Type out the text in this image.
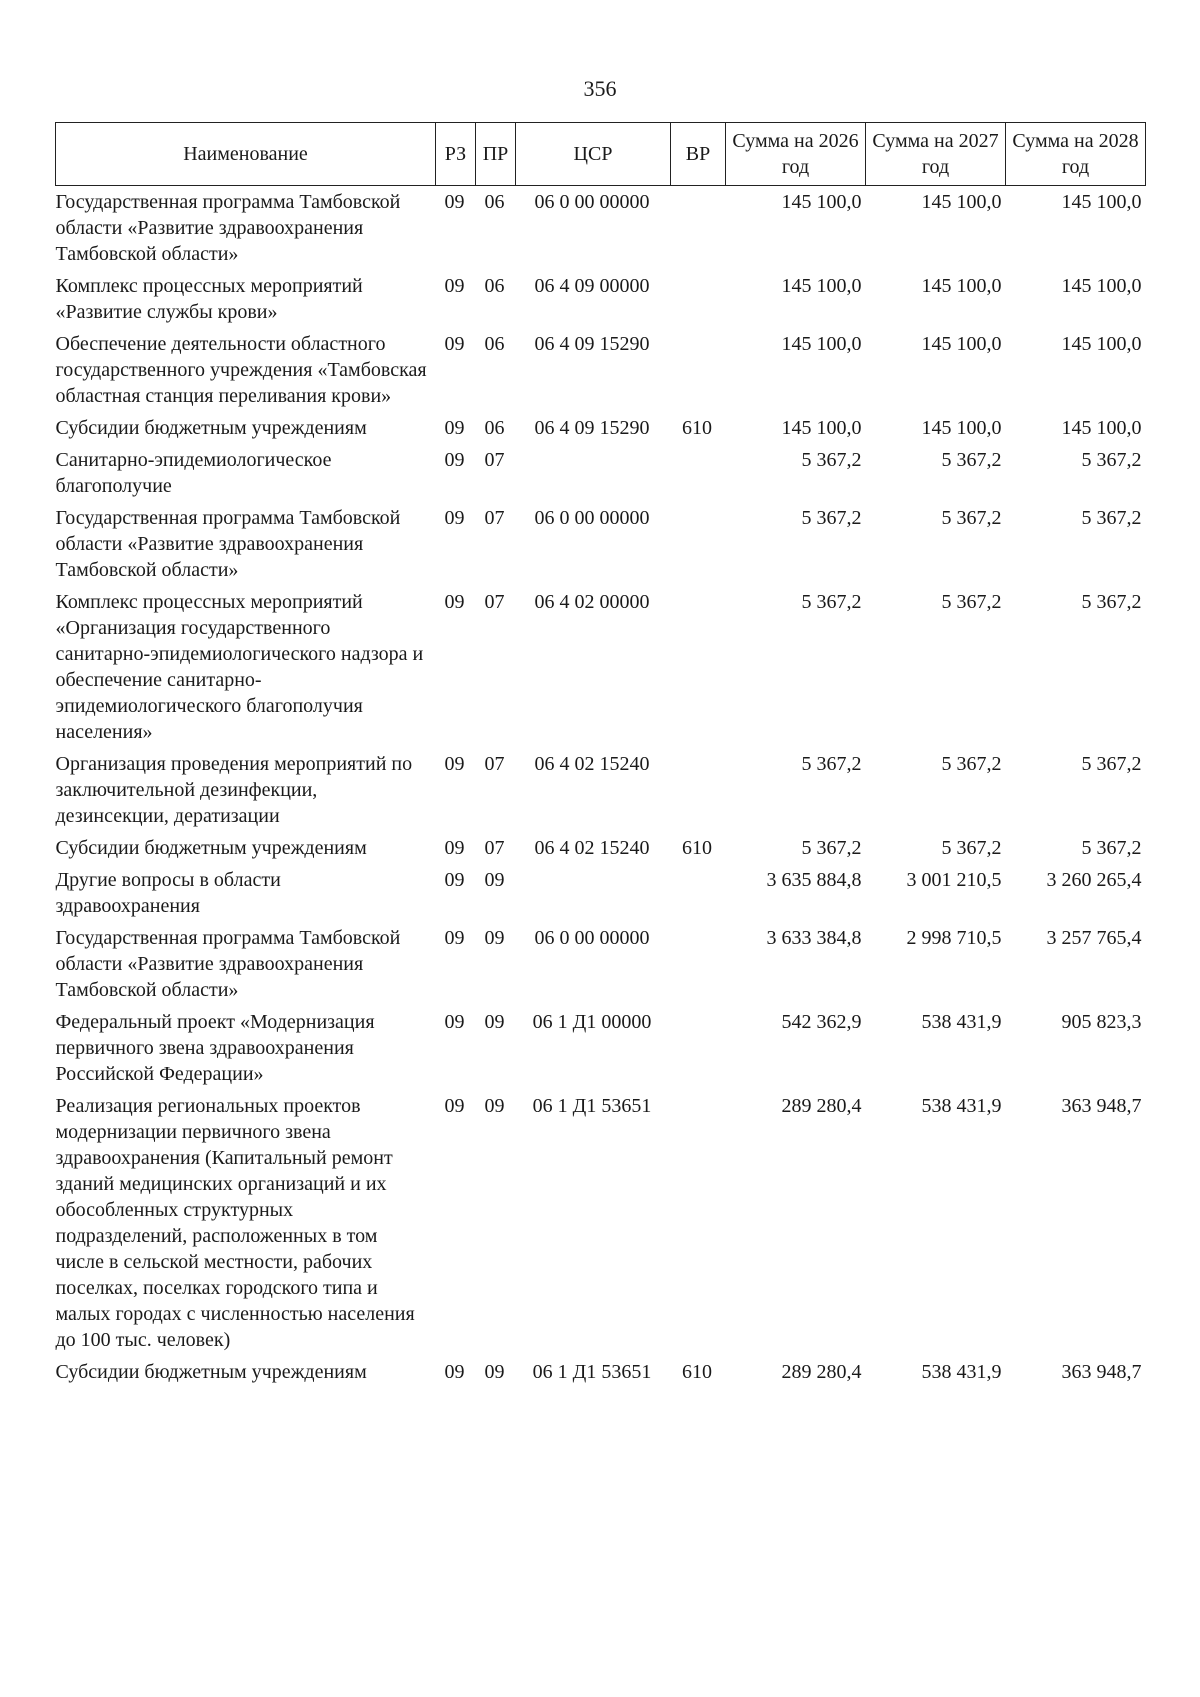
356
Наименование	РЗ	ПР	ЦСР	ВР	Сумма на 2026 год	Сумма на 2027 год	Сумма на 2028 год
Государственная программа Тамбовской области «Развитие здравоохранения Тамбовской области»	09	06	06 0 00 00000		145 100,0	145 100,0	145 100,0
Комплекс процессных мероприятий «Развитие службы крови»	09	06	06 4 09 00000		145 100,0	145 100,0	145 100,0
Обеспечение деятельности областного государственного учреждения «Тамбовская областная станция переливания крови»	09	06	06 4 09 15290		145 100,0	145 100,0	145 100,0
Субсидии бюджетным учреждениям	09	06	06 4 09 15290	610	145 100,0	145 100,0	145 100,0
Санитарно-эпидемиологическое благополучие	09	07			5 367,2	5 367,2	5 367,2
Государственная программа Тамбовской области «Развитие здравоохранения Тамбовской области»	09	07	06 0 00 00000		5 367,2	5 367,2	5 367,2
Комплекс процессных мероприятий «Организация государственного санитарно-эпидемиологического надзора и обеспечение санитарно-эпидемиологического благополучия населения»	09	07	06 4 02 00000		5 367,2	5 367,2	5 367,2
Организация проведения мероприятий по заключительной дезинфекции, дезинсекции, дератизации	09	07	06 4 02 15240		5 367,2	5 367,2	5 367,2
Субсидии бюджетным учреждениям	09	07	06 4 02 15240	610	5 367,2	5 367,2	5 367,2
Другие вопросы в области здравоохранения	09	09			3 635 884,8	3 001 210,5	3 260 265,4
Государственная программа Тамбовской области «Развитие здравоохранения Тамбовской области»	09	09	06 0 00 00000		3 633 384,8	2 998 710,5	3 257 765,4
Федеральный проект «Модернизация первичного звена здравоохранения Российской Федерации»	09	09	06 1 Д1 00000		542 362,9	538 431,9	905 823,3
Реализация региональных проектов модернизации первичного звена здравоохранения (Капитальный ремонт зданий медицинских организаций и их обособленных структурных подразделений, расположенных в том числе в сельской местности, рабочих поселках, поселках городского типа и малых городах с численностью населения до 100 тыс. человек)	09	09	06 1 Д1 53651		289 280,4	538 431,9	363 948,7
Субсидии бюджетным учреждениям	09	09	06 1 Д1 53651	610	289 280,4	538 431,9	363 948,7
